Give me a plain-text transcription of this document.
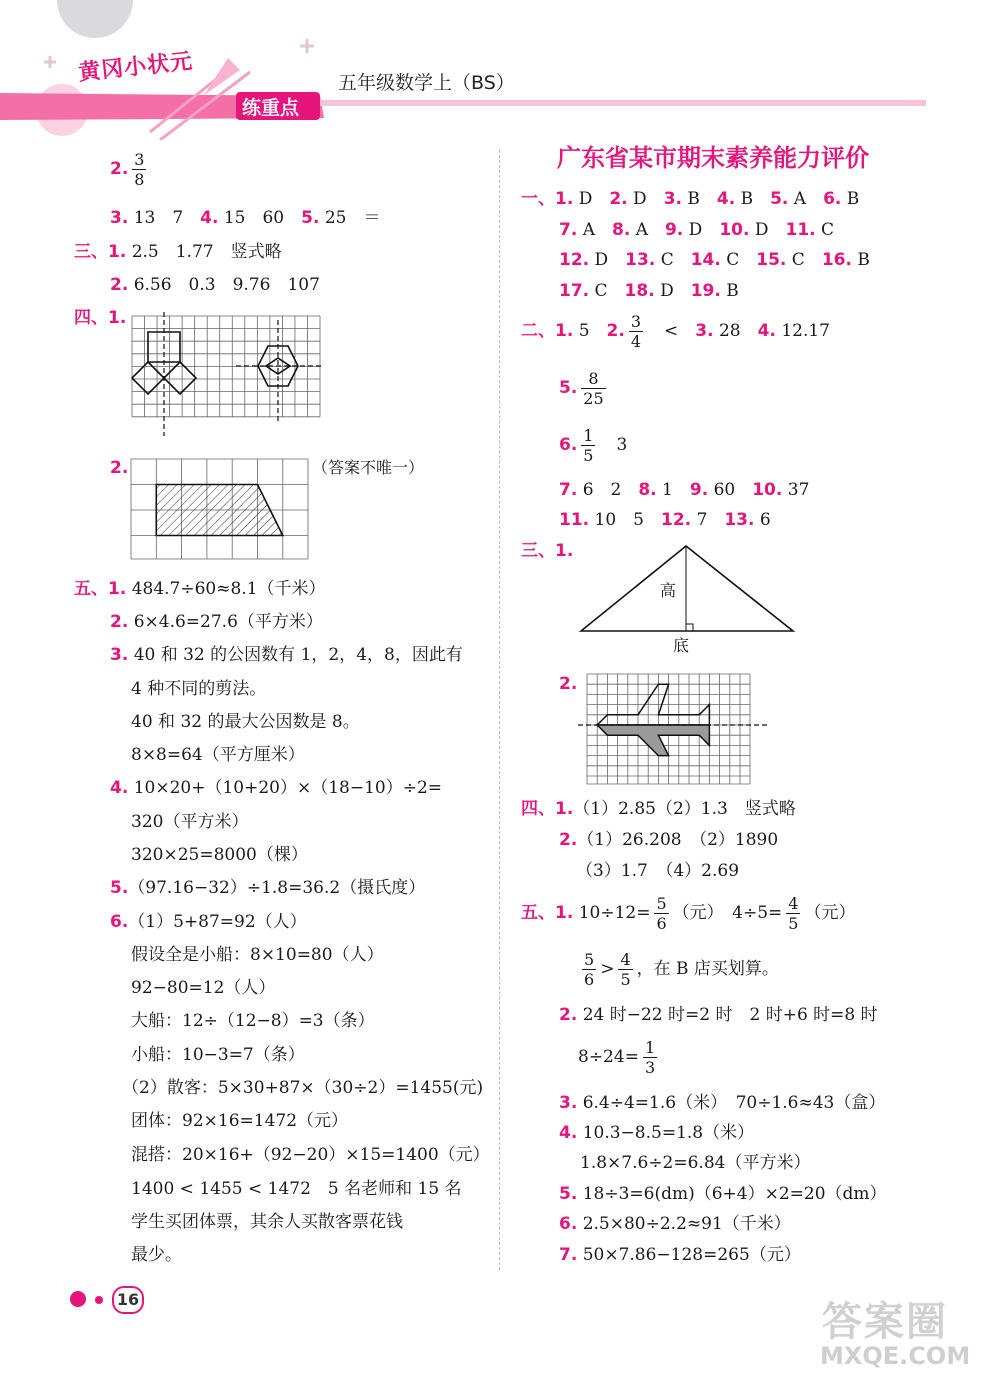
黄冈小状元
练重点
五年级数学上（BS）
2. $\frac{3}{8}$
3. 13　7　 4. 15　60　 5. 25　＝
三、1. 2.5　1.77　竖式略
2. 6.56　0.3　9.76　107
四、1.
2.	（答案不唯一）
五、1. 484.7÷60≈8.1（千米）
2. 6×4.6=27.6（平方米）
3. 40 和 32 的公因数有 1，2，4，8，因此有
4 种不同的剪法。
40 和 32 的最大公因数是 8。
8×8=64（平方厘米）
4. 10×20+（10+20）×（18−10）÷2=
320（平方米）
320×25=8000（棵）
5.（97.16−32）÷1.8=36.2（摄氏度）
6.（1）5+87=92（人）
假设全是小船：8×10=80（人）
92−80=12（人）
大船：12÷（12−8）=3（条）
小船：10−3=7（条）
（2）散客：5×30+87×（30÷2）=1455(元)
团体：92×16=1472（元）
混搭：20×16+（92−20）×15=1400（元）
1400 < 1455 < 1472　5 名老师和 15 名
学生买团体票，其余人买散客票花钱
最少。
广东省某市期末素养能力评价
一、1. D　 2. D　 3. B　 4. B　 5. A　 6. B
7. A　 8. A　 9. D　 10. D　 11. C
12. D　 13. C　 14. C　 15. C　 16. B
17. C　 18. D　 19. B
二、1. 5　 2. $\frac{3}{4}$
　 <　 3. 28　 4. 12.17
5. $\frac{8}{25}$
6. $\frac{1}{5}$
　 3
7. 6　2　 8. 1　 9. 60　 10. 37
11. 10　5　 12. 7　 13. 6
三、1.
高
底
2.
四、1.（1）2.85（2）1.3　竖式略
2.（1）26.208　（2）1890
（3）1.7　（4）2.69
五、1. $10\div 12= \frac{5}{6}$ （元）　$4\div 5= \frac{4}{5}$ （元）
$\frac{5}{6} > \frac{4}{5}$ ，在 B 店买划算。
2. 24 时−22 时=2 时　2 时+6 时=8 时
$8\div 24= \frac{1}{3}$
3. 6.4÷4=1.6（米）　70÷1.6≈43（盒）
4. 10.3−8.5=1.8（米）
1.8×7.6÷2=6.84（平方米）
5. 18÷3=6(dm)（6+4）×2=20（dm）
6. 2.5×80÷2.2≈91（千米）
7. 50×7.86−128=265（元）
16	答案圈
MXQE.COM
